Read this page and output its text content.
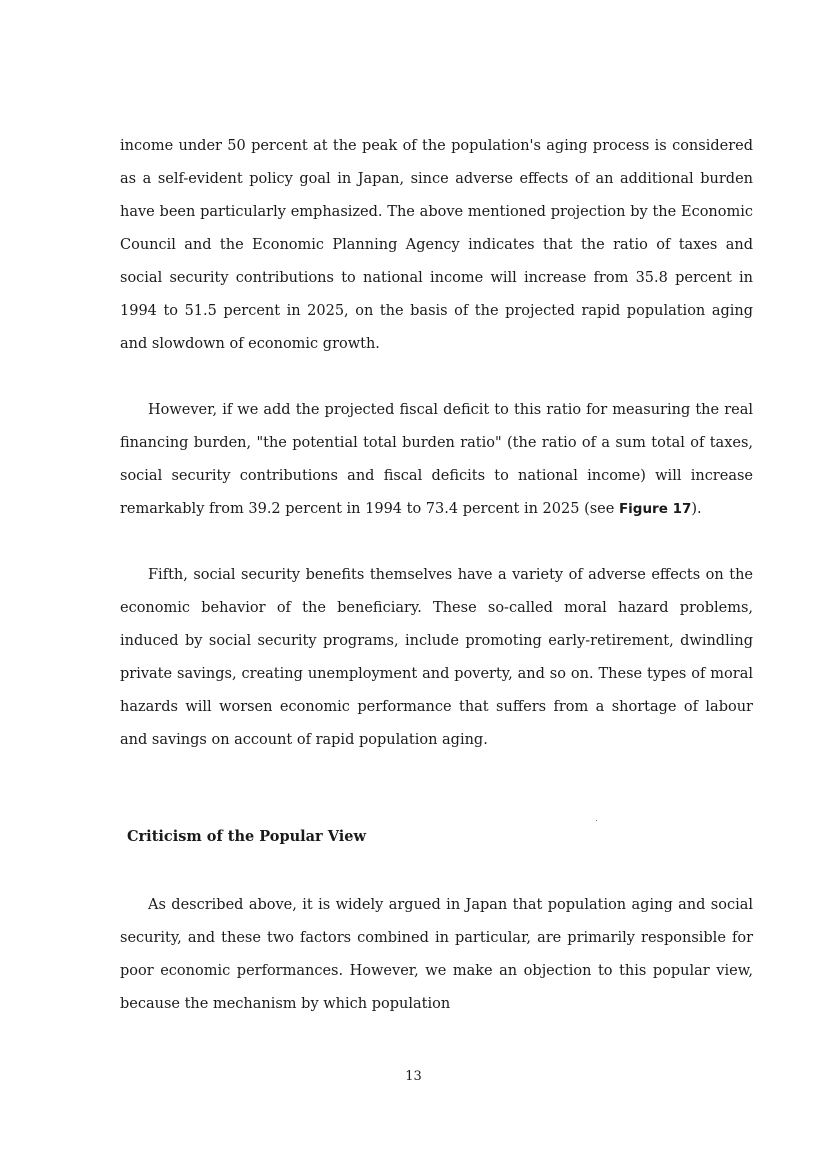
income under 50 percent at the peak of the population's aging process is considered as a self-evident policy goal in Japan, since adverse effects of an additional burden have been particularly emphasized. The above mentioned projection by the Economic Council and the Economic Planning Agency indicates that the ratio of taxes and social security contributions to national income will increase from 35.8 percent in 1994 to 51.5 percent in 2025, on the basis of the projected rapid population aging and slowdown of economic growth.

However, if we add the projected fiscal deficit to this ratio for measuring the real financing burden, "the potential total burden ratio" (the ratio of a sum total of taxes, social security contributions and fiscal deficits to national income) will increase remarkably from 39.2 percent in 1994 to 73.4 percent in 2025 (see Figure 17).

Fifth, social security benefits themselves have a variety of adverse effects on the economic behavior of the beneficiary. These so-called moral hazard problems, induced by social security programs, include promoting early-retirement, dwindling private savings, creating unemployment and poverty, and so on. These types of moral hazards will worsen economic performance that suffers from a shortage of labour and savings on account of rapid population aging.

Criticism of the Popular View

As described above, it is widely argued in Japan that population aging and social security, and these two factors combined in particular, are primarily responsible for poor economic performances. However, we make an objection to this popular view, because the mechanism by which population

13
